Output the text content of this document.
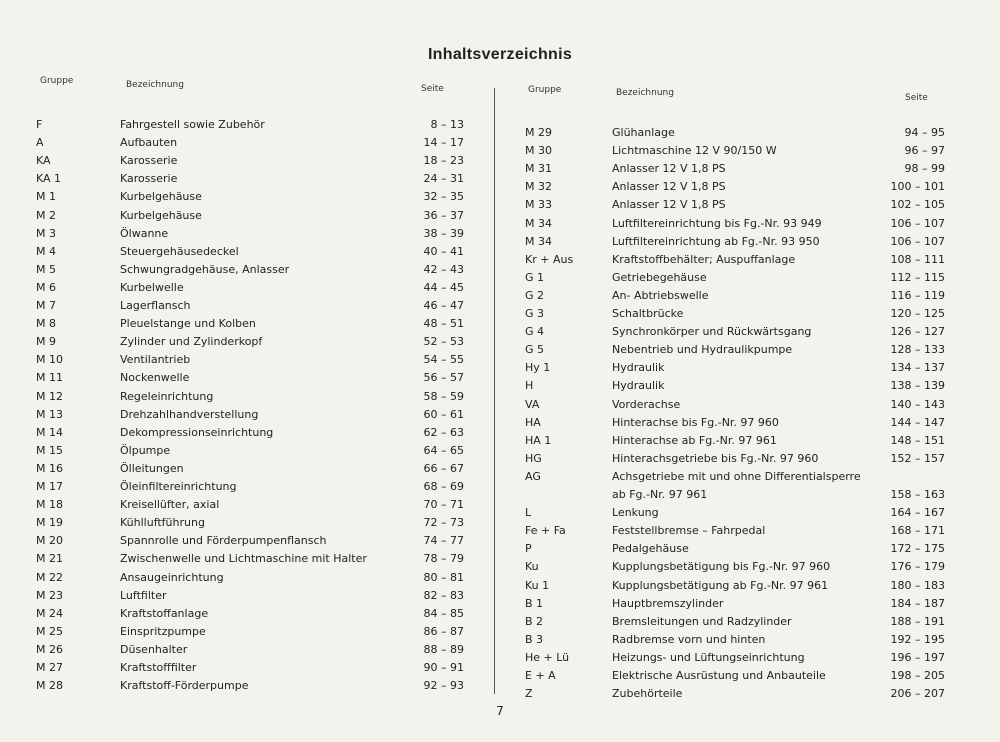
Inhaltsverzeichnis
Gruppe	Bezeichnung	Seite	Gruppe	Bezeichnung	Seite
F	Fahrgestell sowie Zubehör	8 – 13
A	Aufbauten	14 – 17
KA	Karosserie	18 – 23
KA 1	Karosserie	24 – 31
M 1	Kurbelgehäuse	32 – 35
M 2	Kurbelgehäuse	36 – 37
M 3	Ölwanne	38 – 39
M 4	Steuergehäusedeckel	40 – 41
M 5	Schwungradgehäuse, Anlasser	42 – 43
M 6	Kurbelwelle	44 – 45
M 7	Lagerflansch	46 – 47
M 8	Pleuelstange und Kolben	48 – 51
M 9	Zylinder und Zylinderkopf	52 – 53
M 10	Ventilantrieb	54 – 55
M 11	Nockenwelle	56 – 57
M 12	Regeleinrichtung	58 – 59
M 13	Drehzahlhandverstellung	60 – 61
M 14	Dekompressionseinrichtung	62 – 63
M 15	Ölpumpe	64 – 65
M 16	Ölleitungen	66 – 67
M 17	Öleinfiltereinrichtung	68 – 69
M 18	Kreisellüfter, axial	70 – 71
M 19	Kühlluftführung	72 – 73
M 20	Spannrolle und Förderpumpenflansch	74 – 77
M 21	Zwischenwelle und Lichtmaschine mit Halter	78 – 79
M 22	Ansaugeinrichtung	80 – 81
M 23	Luftfilter	82 – 83
M 24	Kraftstoffanlage	84 – 85
M 25	Einspritzpumpe	86 – 87
M 26	Düsenhalter	88 – 89
M 27	Kraftstofffilter	90 – 91
M 28	Kraftstoff-Förderpumpe	92 – 93
M 29	Glühanlage	94 – 95
M 30	Lichtmaschine 12 V 90/150 W	96 – 97
M 31	Anlasser 12 V 1,8 PS	98 – 99
M 32	Anlasser 12 V 1,8 PS	100 – 101
M 33	Anlasser 12 V 1,8 PS	102 – 105
M 34	Luftfiltereinrichtung bis Fg.-Nr. 93 949	106 – 107
M 34	Luftfiltereinrichtung ab Fg.-Nr. 93 950	106 – 107
Kr + Aus	Kraftstoffbehälter; Auspuffanlage	108 – 111
G 1	Getriebegehäuse	112 – 115
G 2	An- Abtriebswelle	116 – 119
G 3	Schaltbrücke	120 – 125
G 4	Synchronkörper und Rückwärtsgang	126 – 127
G 5	Nebentrieb und Hydraulikpumpe	128 – 133
Hy 1	Hydraulik	134 – 137
H	Hydraulik	138 – 139
VA	Vorderachse	140 – 143
HA	Hinterachse bis Fg.-Nr. 97 960	144 – 147
HA 1	Hinterachse ab Fg.-Nr. 97 961	148 – 151
HG	Hinterachsgetriebe bis Fg.-Nr. 97 960	152 – 157
AG	Achsgetriebe mit und ohne Differentialsperre
ab Fg.-Nr. 97 961	158 – 163
L	Lenkung	164 – 167
Fe + Fa	Feststellbremse – Fahrpedal	168 – 171
P	Pedalgehäuse	172 – 175
Ku	Kupplungsbetätigung bis Fg.-Nr. 97 960	176 – 179
Ku 1	Kupplungsbetätigung ab Fg.-Nr. 97 961	180 – 183
B 1	Hauptbremszylinder	184 – 187
B 2	Bremsleitungen und Radzylinder	188 – 191
B 3	Radbremse vorn und hinten	192 – 195
He + Lü	Heizungs- und Lüftungseinrichtung	196 – 197
E + A	Elektrische Ausrüstung und Anbauteile	198 – 205
Z	Zubehörteile	206 – 207
7
